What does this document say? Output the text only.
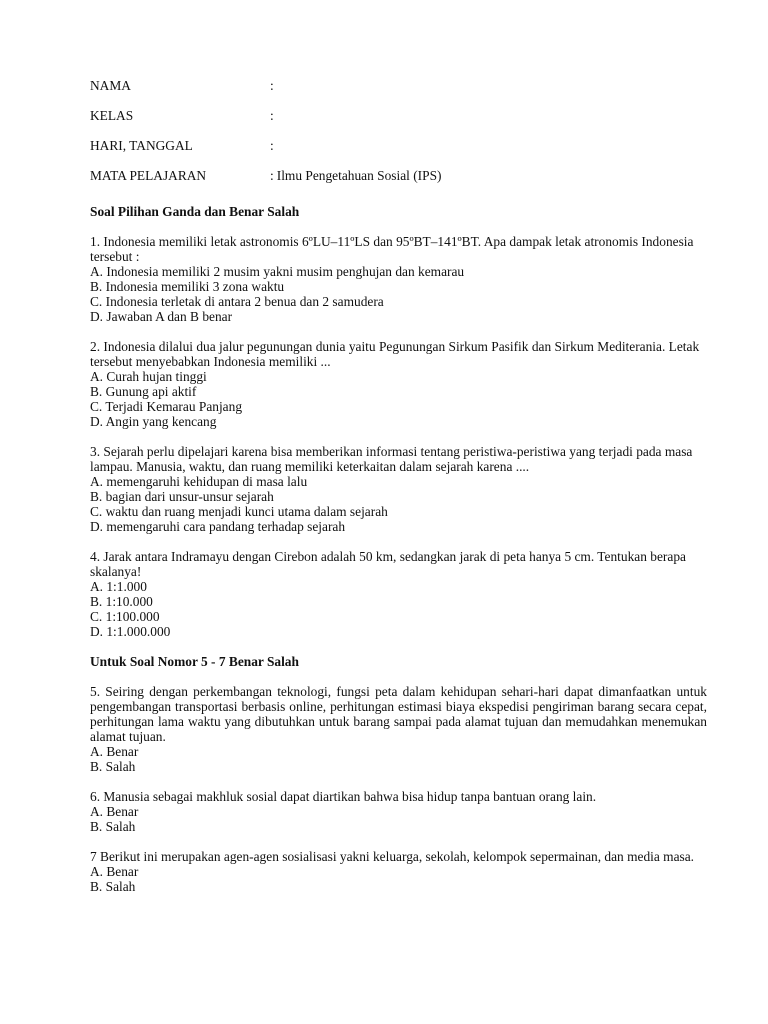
NAMA	:
KELAS	:
HARI, TANGGAL	:
MATA PELAJARAN	: Ilmu Pengetahuan Sosial (IPS)
Soal Pilihan Ganda dan Benar Salah
1. Indonesia memiliki letak astronomis 6ºLU–11ºLS dan 95ºBT–141ºBT. Apa dampak letak atronomis Indonesia tersebut :
A. Indonesia memiliki 2 musim yakni musim penghujan dan kemarau
B. Indonesia memiliki 3 zona waktu
C. Indonesia terletak di antara 2 benua dan 2 samudera
D. Jawaban A dan B benar
2. Indonesia dilalui dua jalur pegunungan dunia yaitu Pegunungan Sirkum Pasifik dan Sirkum Mediterania. Letak tersebut menyebabkan Indonesia memiliki ...
A. Curah hujan tinggi
B. Gunung api aktif
C. Terjadi Kemarau Panjang
D. Angin yang kencang
3. Sejarah perlu dipelajari karena bisa memberikan informasi tentang peristiwa-peristiwa yang terjadi pada masa lampau. Manusia, waktu, dan ruang memiliki keterkaitan dalam sejarah karena ....
A. memengaruhi kehidupan di masa lalu
B. bagian dari unsur-unsur sejarah
C. waktu dan ruang menjadi kunci utama dalam sejarah
D. memengaruhi cara pandang terhadap sejarah
4. Jarak antara Indramayu dengan Cirebon adalah 50 km, sedangkan jarak di peta hanya 5 cm. Tentukan berapa skalanya!
A. 1:1.000
B. 1:10.000
C. 1:100.000
D. 1:1.000.000
Untuk Soal Nomor 5 - 7 Benar Salah
5. Seiring dengan perkembangan teknologi, fungsi peta dalam kehidupan sehari-hari dapat dimanfaatkan untuk pengembangan transportasi berbasis online, perhitungan estimasi biaya ekspedisi pengiriman barang secara cepat, perhitungan lama waktu yang dibutuhkan untuk barang sampai pada alamat tujuan dan memudahkan menemukan alamat tujuan.
A. Benar
B. Salah
6. Manusia sebagai makhluk sosial dapat diartikan bahwa bisa hidup tanpa bantuan orang lain.
A. Benar
B. Salah
7 Berikut ini merupakan agen-agen sosialisasi yakni keluarga, sekolah, kelompok sepermainan, dan media masa.
A. Benar
B. Salah
